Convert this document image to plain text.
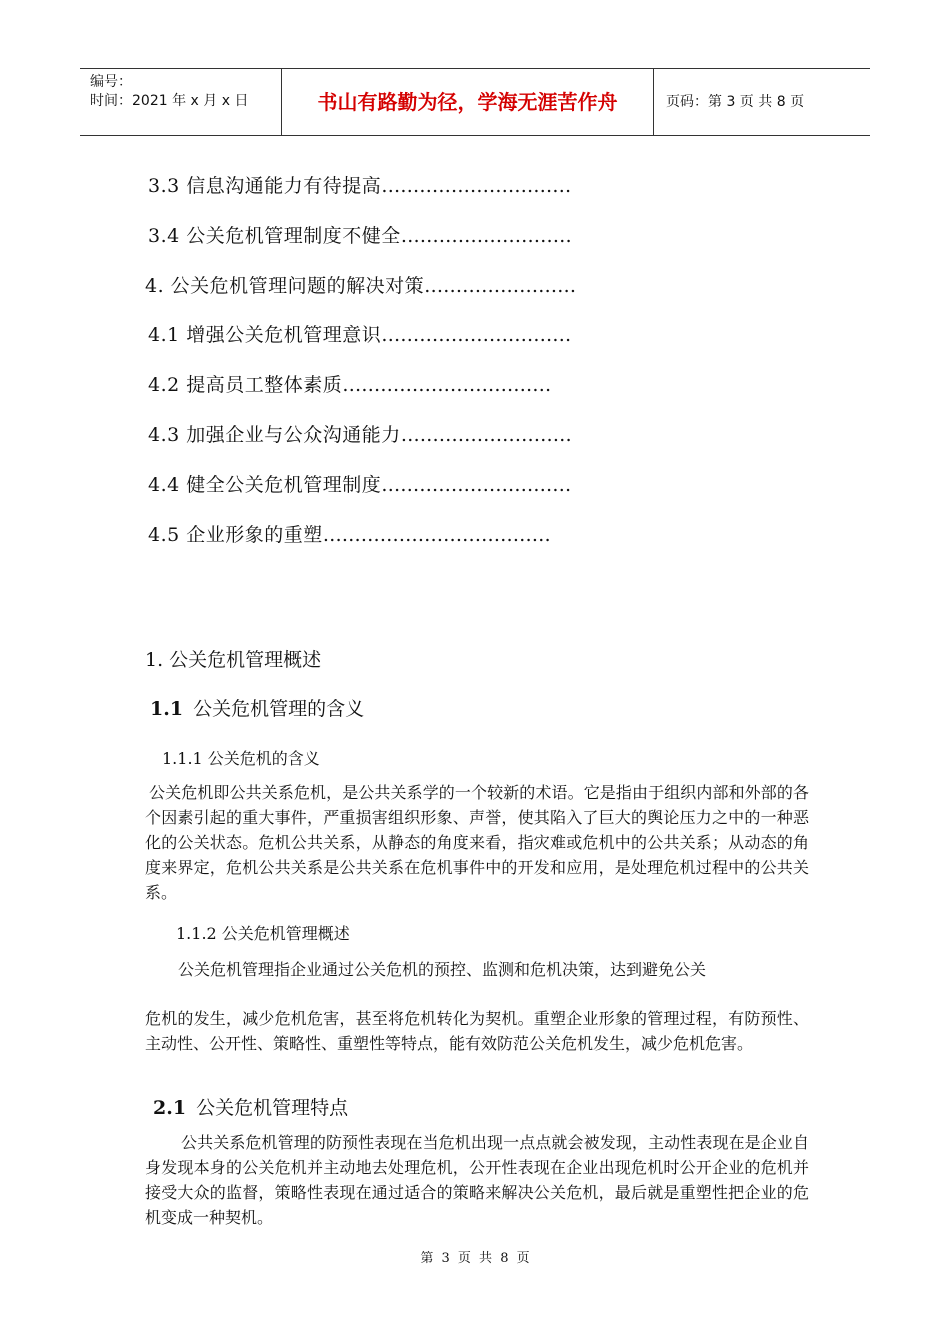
编号：
时间：2021 年 x 月 x 日	书山有路勤为径，学海无涯苦作舟	页码：第 3 页 共 8 页
3.3 信息沟通能力有待提高…………………………
3.4 公关危机管理制度不健全………………………
4. 公关危机管理问题的解决对策……………………
4.1 增强公关危机管理意识…………………………
4.2 提高员工整体素质……………………………
4.3 加强企业与公众沟通能力………………………
4.4 健全公关危机管理制度…………………………
4.5 企业形象的重塑………………………………
1. 公关危机管理概述
1.1 公关危机管理的含义
1.1.1 公关危机的含义
公关危机即公共关系危机，是公共关系学的一个较新的术语。它是指由于组织内部和外部的各个因素引起的重大事件，严重损害组织形象、声誉，使其陷入了巨大的舆论压力之中的一种恶化的公关状态。危机公共关系，从静态的角度来看，指灾难或危机中的公共关系；从动态的角度来界定，危机公共关系是公共关系在危机事件中的开发和应用，是处理危机过程中的公共关系。
1.1.2 公关危机管理概述
公关危机管理指企业通过公关危机的预控、监测和危机决策，达到避免公关
危机的发生，减少危机危害，甚至将危机转化为契机。重塑企业形象的管理过程，有防预性、主动性、公开性、策略性、重塑性等特点，能有效防范公关危机发生，减少危机危害。
2.1 公关危机管理特点
公共关系危机管理的防预性表现在当危机出现一点点就会被发现，主动性表现在是企业自身发现本身的公关危机并主动地去处理危机，公开性表现在企业出现危机时公开企业的危机并接受大众的监督，策略性表现在通过适合的策略来解决公关危机，最后就是重塑性把企业的危机变成一种契机。
第 3 页 共 8 页
